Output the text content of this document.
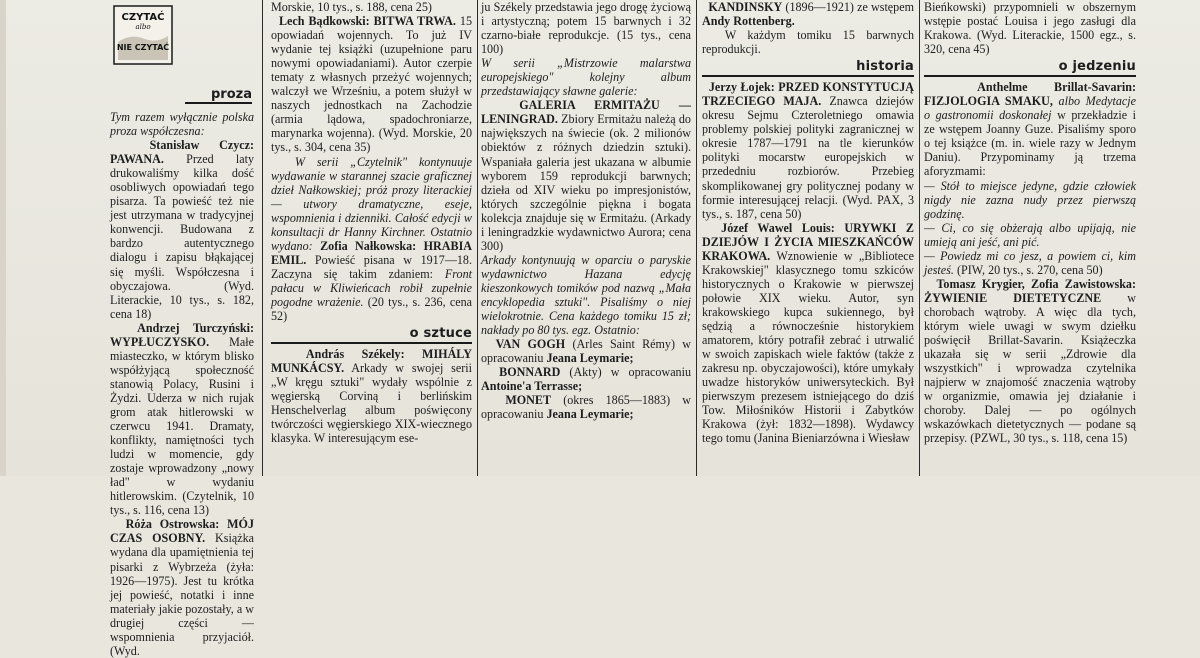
CZYTAĆ
albo
NIE CZYTAĆ
proza

Tym razem wyłącznie polska proza współczesna:

Stanisław Czycz: PAWANA. Przed laty drukowaliśmy kilka dość osobliwych opowiadań tego pisarza. Ta powieść też nie jest utrzymana w tradycyjnej konwencji. Budowana z bardzo autentycznego dialogu i zapisu błąkającej się myśli. Współczesna i obyczajowa. (Wyd. Literackie, 10 tys., s. 182, cena 18)

Andrzej Turczyński: WYPŁUCZYSKO. Małe miasteczko, w którym blisko współżyjącą społeczność stanowią Polacy, Rusini i Żydzi. Uderza w nich rujak grom atak hitlerowski w czerwcu 1941. Dramaty, konflikty, namiętności tych ludzi w momencie, gdy zostaje wprowadzony „nowy ład" w wydaniu hitlerowskim. (Czytelnik, 10 tys., s. 116, cena 13)

Róża Ostrowska: MÓJ CZAS OSOBNY. Książka wydana dla upamiętnienia tej pisarki z Wybrzeża (żyła: 1926—1975). Jest tu krótka jej powieść, notatki i inne materiały jakie pozostały, a w drugiej części — wspomnienia przyjaciół. (Wyd.

Morskie, 10 tys., s. 188, cena 25)

Lech Bądkowski: BITWA TRWA. 15 opowiadań wojennych. To już IV wydanie tej książki (uzupełnione paru nowymi opowiadaniami). Autor czerpie tematy z własnych przeżyć wojennych; walczył we Wrześniu, a potem służył w naszych jednostkach na Zachodzie (armia lądowa, spadochroniarze, marynarka wojenna). (Wyd. Morskie, 20 tys., s. 304, cena 35)

W serii „Czytelnik" kontynuuje wydawanie w starannej szacie graficznej dzieł Nałkowskiej; próż prozy literackiej — utwory dramatyczne, eseje, wspomnienia i dzienniki. Całość edycji w konsultacji dr Hanny Kirchner. Ostatnio wydano: Zofia Nałkowska: HRABIA EMIL. Powieść pisana w 1917—18. Zaczyna się takim zdaniem: Front pałacu w Kliwieńcach robił zupełnie pogodne wrażenie. (20 tys., s. 236, cena 52)

o sztuce

András Székely: MIHÁLY MUNKÁCSY. Arkady w swojej serii „W kręgu sztuki" wydały wspólnie z węgierską Corviną i berlińskim Henschelverlag album poświęcony twórczości węgierskiego XIX-wiecznego klasyka. W interesującym ese-

ju Székely przedstawia jego drogę życiową i artystyczną; potem 15 barwnych i 32 czarno-białe reprodukcje. (15 tys., cena 100)

W serii „Mistrzowie malarstwa europejskiego" kolejny album przedstawiający sławne galerie:

GALERIA ERMITAŻU — LENINGRAD. Zbiory Ermitażu należą do największych na świecie (ok. 2 milionów obiektów z różnych dziedzin sztuki). Wspaniała galeria jest ukazana w albumie wyborem 159 reprodukcji barwnych; dzieła od XIV wieku po impresjonistów, których szczególnie piękna i bogata kolekcja znajduje się w Ermitażu. (Arkady i leningradzkie wydawnictwo Aurora; cena 300)

Arkady kontynuują w oparciu o paryskie wydawnictwo Hazana edycję kieszonkowych tomików pod nazwą „Mała encyklopedia sztuki". Pisaliśmy o niej wielokrotnie. Cena każdego tomiku 15 zł; nakłady po 80 tys. egz. Ostatnio:

VAN GOGH (Arles Saint Rémy) w opracowaniu Jeana Leymarie;

BONNARD (Akty) w opracowaniu Antoine'a Terrasse;

MONET (okres 1865—1883) w opracowaniu Jeana Leymarie;

KANDINSKY (1896—1921) ze wstępem Andy Rottenberg.

W każdym tomiku 15 barwnych reprodukcji.

historia

Jerzy Łojek: PRZED KONSTYTUCJĄ TRZECIEGO MAJA. Znawca dziejów okresu Sejmu Czteroletniego omawia problemy polskiej polityki zagranicznej w okresie 1787—1791 na tle kierunków polityki mocarstw europejskich w przededniu rozbiorów. Przebieg skomplikowanej gry politycznej podany w formie interesującej relacji. (Wyd. PAX, 3 tys., s. 187, cena 50)

Józef Wawel Louis: URYWKI Z DZIEJÓW I ŻYCIA MIESZKAŃCÓW KRAKOWA. Wznowienie w „Bibliotece Krakowskiej" klasycznego tomu szkiców historycznych o Krakowie w pierwszej połowie XIX wieku. Autor, syn krakowskiego kupca sukiennego, był sędzią a równocześnie historykiem amatorem, który potrafił zebrać i utrwalić w swoich zapiskach wiele faktów (także z zakresu np. obyczajowości), które umykały uwadze historyków uniwersyteckich. Był pierwszym prezesem istniejącego do dziś Tow. Miłośników Historii i Zabytków Krakowa (żył: 1832—1898). Wydawcy tego tomu (Janina Bieniarzówna i Wiesław

Bieńkowski) przypomnieli w obszernym wstępie postać Louisa i jego zasługi dla Krakowa. (Wyd. Literackie, 1500 egz., s. 320, cena 45)

o jedzeniu

Anthelme Brillat-Savarin: FIZJOLOGIA SMAKU, albo Medytacje o gastronomii doskonałej w przekładzie i ze wstępem Joanny Guze. Pisaliśmy sporo o tej książce (m. in. wiele razy w Jednym Daniu). Przypominamy ją trzema aforyzmami:

— Stół to miejsce jedyne, gdzie człowiek nigdy nie zazna nudy przez pierwszą godzinę.

— Ci, co się obżerają albo upijają, nie umieją ani jeść, ani pić.

— Powiedz mi co jesz, a powiem ci, kim jesteś. (PIW, 20 tys., s. 270, cena 50)

Tomasz Krygier, Zofia Zawistowska: ŻYWIENIE DIETETYCZNE w chorobach wątroby. A więc dla tych, którym wiele uwagi w swym dziełku poświęcił Brillat-Savarin. Książeczka ukazała się w serii „Zdrowie dla wszystkich" i wprowadza czytelnika najpierw w znajomość znaczenia wątroby w organizmie, omawia jej działanie i choroby. Dalej — po ogólnych wskazówkach dietetycznych — podane są przepisy. (PZWL, 30 tys., s. 118, cena 15)
